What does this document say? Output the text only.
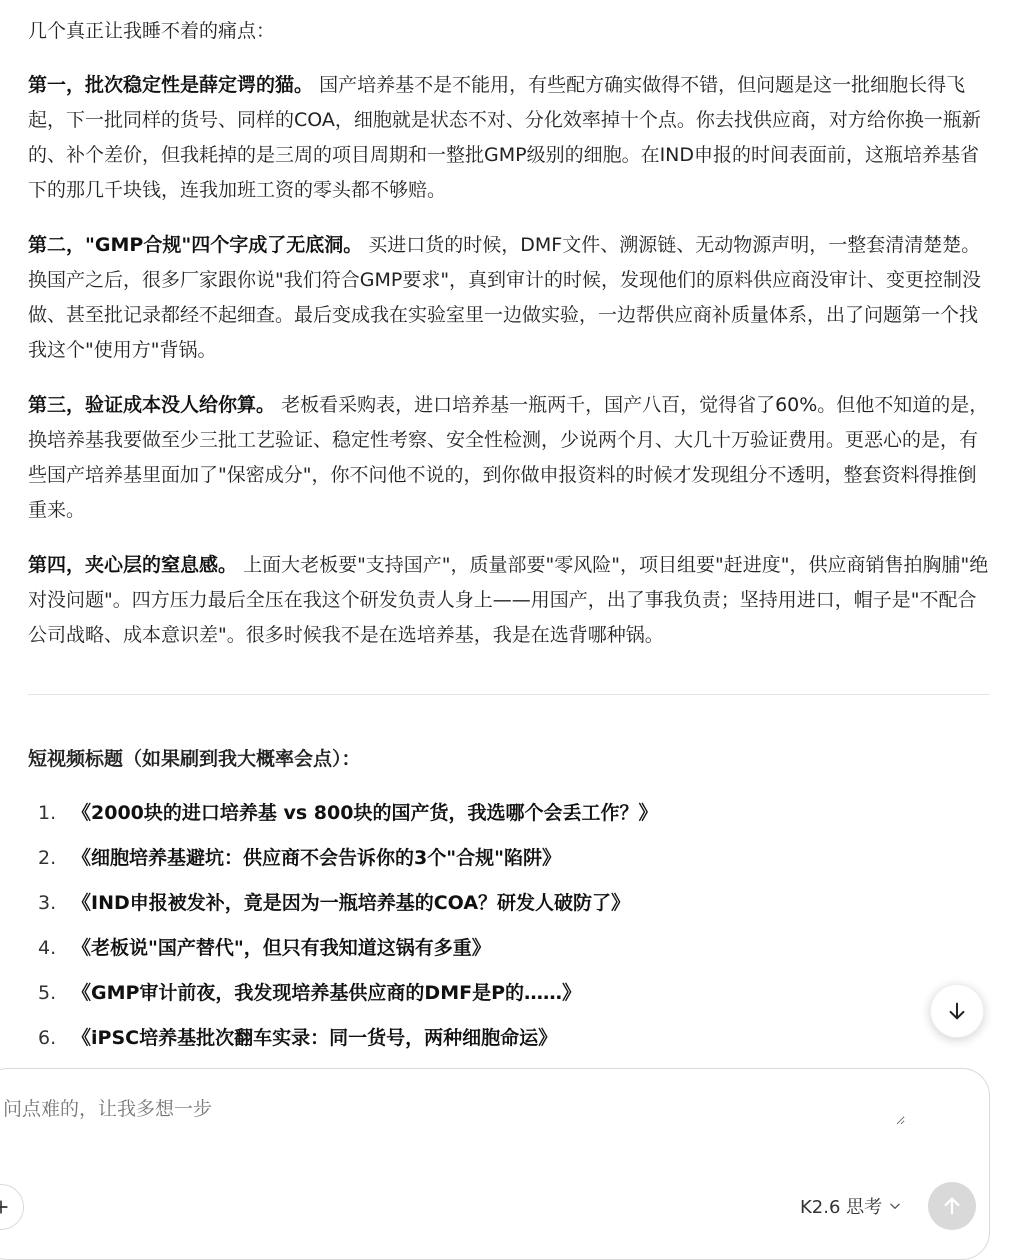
几个真正让我睡不着的痛点：

第一，批次稳定性是薛定谔的猫。 国产培养基不是不能用，有些配方确实做得不错，但问题是这一批细胞长得飞起，下一批同样的货号、同样的COA，细胞就是状态不对、分化效率掉十个点。你去找供应商，对方给你换一瓶新的、补个差价，但我耗掉的是三周的项目周期和一整批GMP级别的细胞。在IND申报的时间表面前，这瓶培养基省下的那几千块钱，连我加班工资的零头都不够赔。

第二，"GMP合规"四个字成了无底洞。 买进口货的时候，DMF文件、溯源链、无动物源声明，一整套清清楚楚。换国产之后，很多厂家跟你说"我们符合GMP要求"，真到审计的时候，发现他们的原料供应商没审计、变更控制没做、甚至批记录都经不起细查。最后变成我在实验室里一边做实验，一边帮供应商补质量体系，出了问题第一个找我这个"使用方"背锅。

第三，验证成本没人给你算。 老板看采购表，进口培养基一瓶两千，国产八百，觉得省了60%。但他不知道的是，换培养基我要做至少三批工艺验证、稳定性考察、安全性检测，少说两个月、大几十万验证费用。更恶心的是，有些国产培养基里面加了"保密成分"，你不问他不说的，到你做申报资料的时候才发现组分不透明，整套资料得推倒重来。

第四，夹心层的窒息感。 上面大老板要"支持国产"，质量部要"零风险"，项目组要"赶进度"，供应商销售拍胸脯"绝对没问题"。四方压力最后全压在我这个研发负责人身上——用国产，出了事我负责；坚持用进口，帽子是"不配合公司战略、成本意识差"。很多时候我不是在选培养基，我是在选背哪种锅。

短视频标题（如果刷到我大概率会点）：

1. 《2000块的进口培养基 vs 800块的国产货，我选哪个会丢工作？》
2. 《细胞培养基避坑：供应商不会告诉你的3个"合规"陷阱》
3. 《IND申报被发补，竟是因为一瓶培养基的COA？研发人破防了》
4. 《老板说"国产替代"，但只有我知道这锅有多重》
5. 《GMP审计前夜，我发现培养基供应商的DMF是P的……》
6. 《iPSC培养基批次翻车实录：同一货号，两种细胞命运》
问点难的，让我多想一步
K2.6 思考
